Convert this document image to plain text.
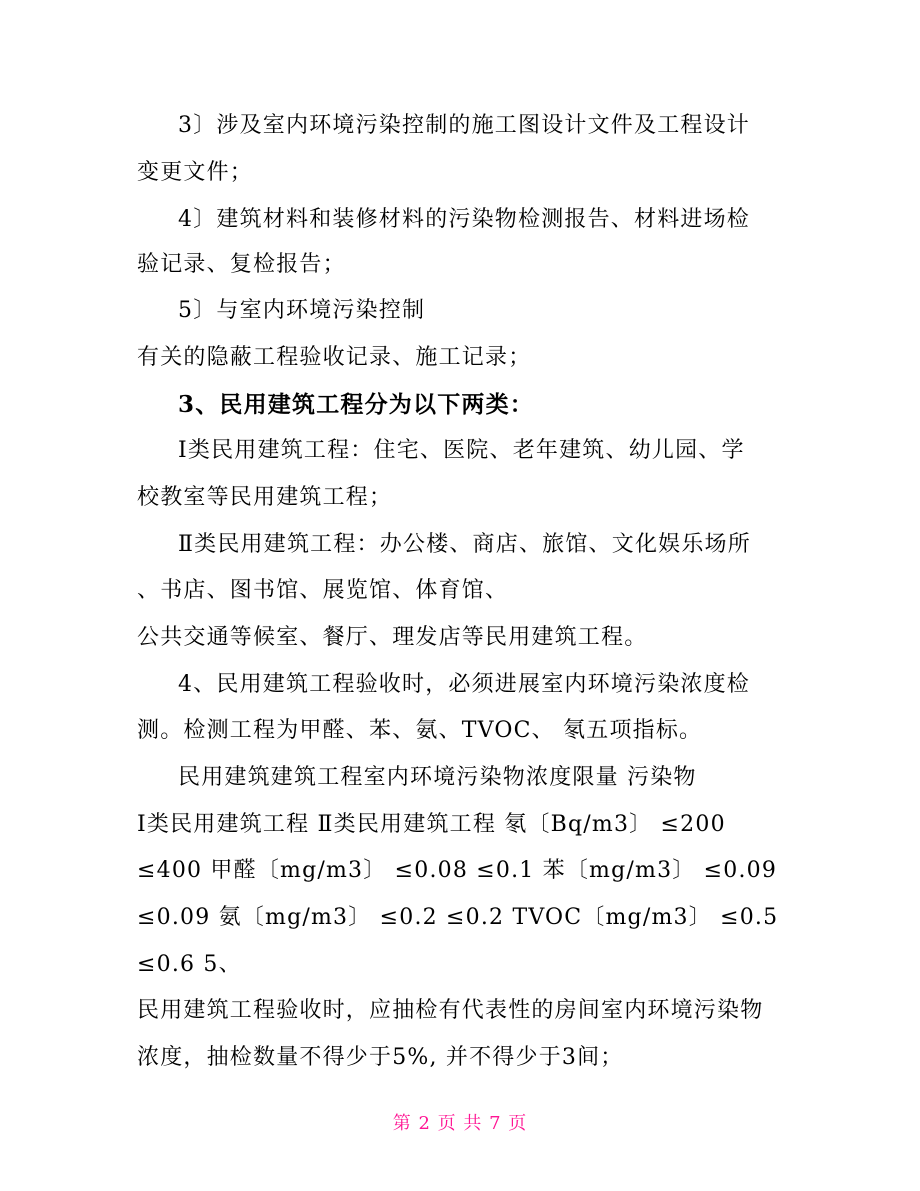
3〕涉及室内环境污染控制的施工图设计文件及工程设计
变更文件；
4〕建筑材料和装修材料的污染物检测报告、材料进场检
验记录、复检报告；
5〕与室内环境污染控制
有关的隐蔽工程验收记录、施工记录；
3、民用建筑工程分为以下两类：
Ⅰ类民用建筑工程：住宅、医院、老年建筑、幼儿园、学
校教室等民用建筑工程；
Ⅱ类民用建筑工程：办公楼、商店、旅馆、文化娱乐场所
、书店、图书馆、展览馆、体育馆、
公共交通等候室、餐厅、理发店等民用建筑工程。
4、民用建筑工程验收时，必须进展室内环境污染浓度检
测。检测工程为甲醛、苯、氨、TVOC、 氡五项指标。
民用建筑建筑工程室内环境污染物浓度限量 污染物
Ⅰ类民用建筑工程 Ⅱ类民用建筑工程 氡〔Bq/m3〕 ≤200
≤400 甲醛〔mg/m3〕 ≤0.08 ≤0.1 苯〔mg/m3〕 ≤0.09
≤0.09 氨〔mg/m3〕 ≤0.2 ≤0.2 TVOC〔mg/m3〕 ≤0.5
≤0.6 5、
民用建筑工程验收时，应抽检有代表性的房间室内环境污染物
浓度，抽检数量不得少于5%, 并不得少于3间；
第 2 页 共 7 页
